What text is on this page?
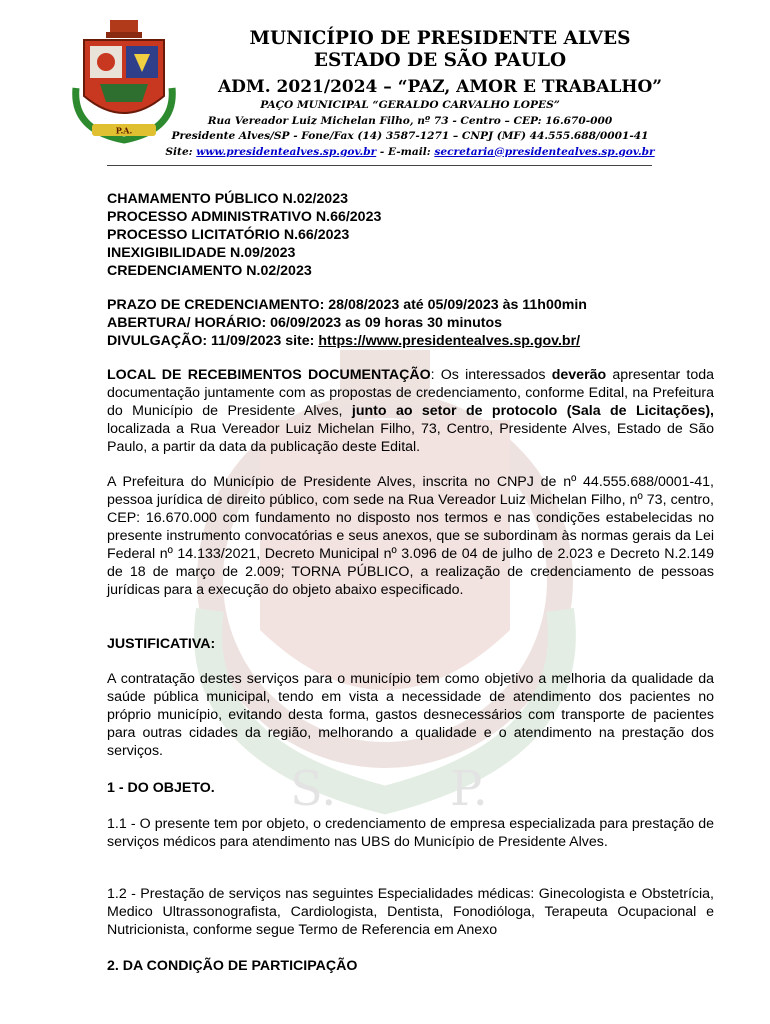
S. P.
P.A.
MUNICÍPIO DE PRESIDENTE ALVES
ESTADO DE SÃO PAULO
ADM. 2021/2024 – “PAZ, AMOR E TRABALHO”
PAÇO MUNICIPAL “GERALDO CARVALHO LOPES”
Rua Vereador Luiz Michelan Filho, nº 73 - Centro – CEP: 16.670-000
Presidente Alves/SP - Fone/Fax (14) 3587-1271 – CNPJ (MF) 44.555.688/0001-41
Site: www.presidentealves.sp.gov.br - E-mail: secretaria@presidentealves.sp.gov.br
CHAMAMENTO PÚBLICO N.02/2023
PROCESSO ADMINISTRATIVO N.66/2023
PROCESSO LICITATÓRIO N.66/2023
INEXIGIBILIDADE N.09/2023
CREDENCIAMENTO N.02/2023
PRAZO DE CREDENCIAMENTO: 28/08/2023 até 05/09/2023 às 11h00min
ABERTURA/ HORÁRIO: 06/09/2023 as 09 horas 30 minutos
DIVULGAÇÃO: 11/09/2023 site: https://www.presidentealves.sp.gov.br/
LOCAL DE RECEBIMENTOS DOCUMENTAÇÃO: Os interessados deverão apresentar toda documentação juntamente com as propostas de credenciamento, conforme Edital, na Prefeitura do Município de Presidente Alves, junto ao setor de protocolo (Sala de Licitações), localizada a Rua Vereador Luiz Michelan Filho, 73, Centro, Presidente Alves, Estado de São Paulo, a partir da data da publicação deste Edital.
A Prefeitura do Município de Presidente Alves, inscrita no CNPJ de nº 44.555.688/0001-41, pessoa jurídica de direito público, com sede na Rua Vereador Luiz Michelan Filho, nº 73, centro, CEP: 16.670.000 com fundamento no disposto nos termos e nas condições estabelecidas no presente instrumento convocatórias e seus anexos, que se subordinam às normas gerais da Lei Federal nº 14.133/2021, Decreto Municipal nº 3.096 de 04 de julho de 2.023 e Decreto N.2.149 de 18 de março de 2.009; TORNA PÚBLICO, a realização de credenciamento de pessoas jurídicas para a execução do objeto abaixo especificado.
JUSTIFICATIVA:
A contratação destes serviços para o município tem como objetivo a melhoria da qualidade da saúde pública municipal, tendo em vista a necessidade de atendimento dos pacientes no próprio município, evitando desta forma, gastos desnecessários com transporte de pacientes para outras cidades da região, melhorando a qualidade e o atendimento na prestação dos serviços.
1 - DO OBJETO.
1.1 - O presente tem por objeto, o credenciamento de empresa especializada para prestação de serviços médicos para atendimento nas UBS do Município de Presidente Alves.
1.2 - Prestação de serviços nas seguintes Especialidades médicas: Ginecologista e Obstetrícia, Medico Ultrassonografista, Cardiologista, Dentista, Fonodióloga, Terapeuta Ocupacional e Nutricionista, conforme segue Termo de Referencia em Anexo
2. DA CONDIÇÃO DE PARTICIPAÇÃO
